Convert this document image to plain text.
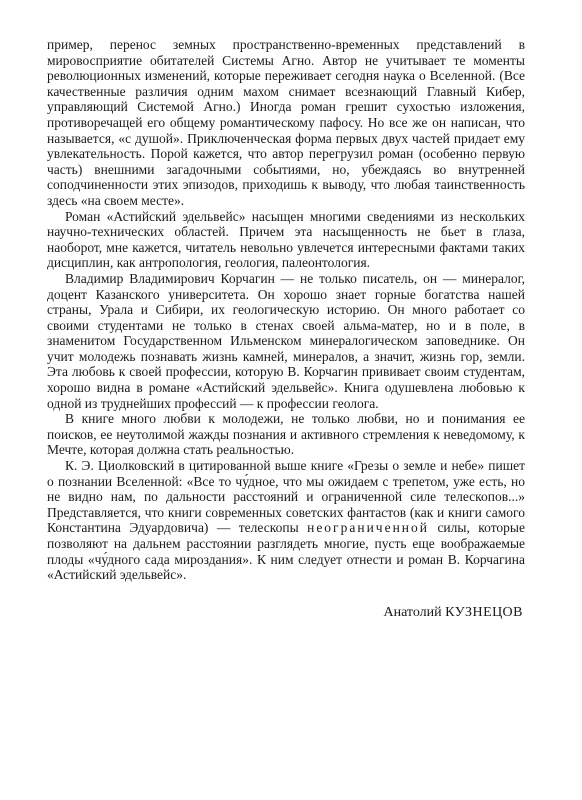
пример, перенос земных пространственно-временных представлений в мировосприятие обитателей Системы Агно. Автор не учитывает те моменты революционных изменений, которые переживает сегодня наука о Вселенной. (Все качественные различия одним махом снимает всезнающий Главный Кибер, управляющий Системой Агно.) Иногда роман грешит сухостью изложения, противоречащей его общему романтическому пафосу. Но все же он написан, что называется, «с душой». Приключенческая форма первых двух частей придает ему увлекательность. Порой кажется, что автор перегрузил роман (особенно первую часть) внешними загадочными событиями, но, убеждаясь во внутренней соподчиненности этих эпизодов, приходишь к выводу, что любая таинственность здесь «на своем месте».

Роман «Астийский эдельвейс» насыщен многими сведениями из нескольких научно-технических областей. Причем эта насыщенность не бьет в глаза, наоборот, мне кажется, читатель невольно увлечется интересными фактами таких дисциплин, как антропология, геология, палеонтология.

Владимир Владимирович Корчагин — не только писатель, он — минералог, доцент Казанского университета. Он хорошо знает горные богатства нашей страны, Урала и Сибири, их геологическую историю. Он много работает со своими студентами не только в стенах своей альма-матер, но и в поле, в знаменитом Государственном Ильменском минералогическом заповеднике. Он учит молодежь познавать жизнь камней, минералов, а значит, жизнь гор, земли. Эта любовь к своей профессии, которую В. Корчагин прививает своим студентам, хорошо видна в романе «Астийский эдельвейс». Книга одушевлена любовью к одной из труднейших профессий — к профессии геолога.

В книге много любви к молодежи, не только любви, но и понимания ее поисков, ее неутолимой жажды познания и активного стремления к неведомому, к Мечте, которая должна стать реальностью.

К. Э. Циолковский в цитированной выше книге «Грезы о земле и небе» пишет о познании Вселенной: «Все то чу́дное, что мы ожидаем с трепетом, уже есть, но не видно нам, по дальности расстояний и ограниченной силе телескопов...» Представляется, что книги современных советских фантастов (как и книги самого Константина Эдуардовича) — телескопы неограниченной силы, которые позволяют на дальнем расстоянии разглядеть многие, пусть еще воображаемые плоды «чу́дного сада мироздания». К ним следует отнести и роман В. Корчагина «Астийский эдельвейс».

Анатолий КУЗНЕЦОВ
